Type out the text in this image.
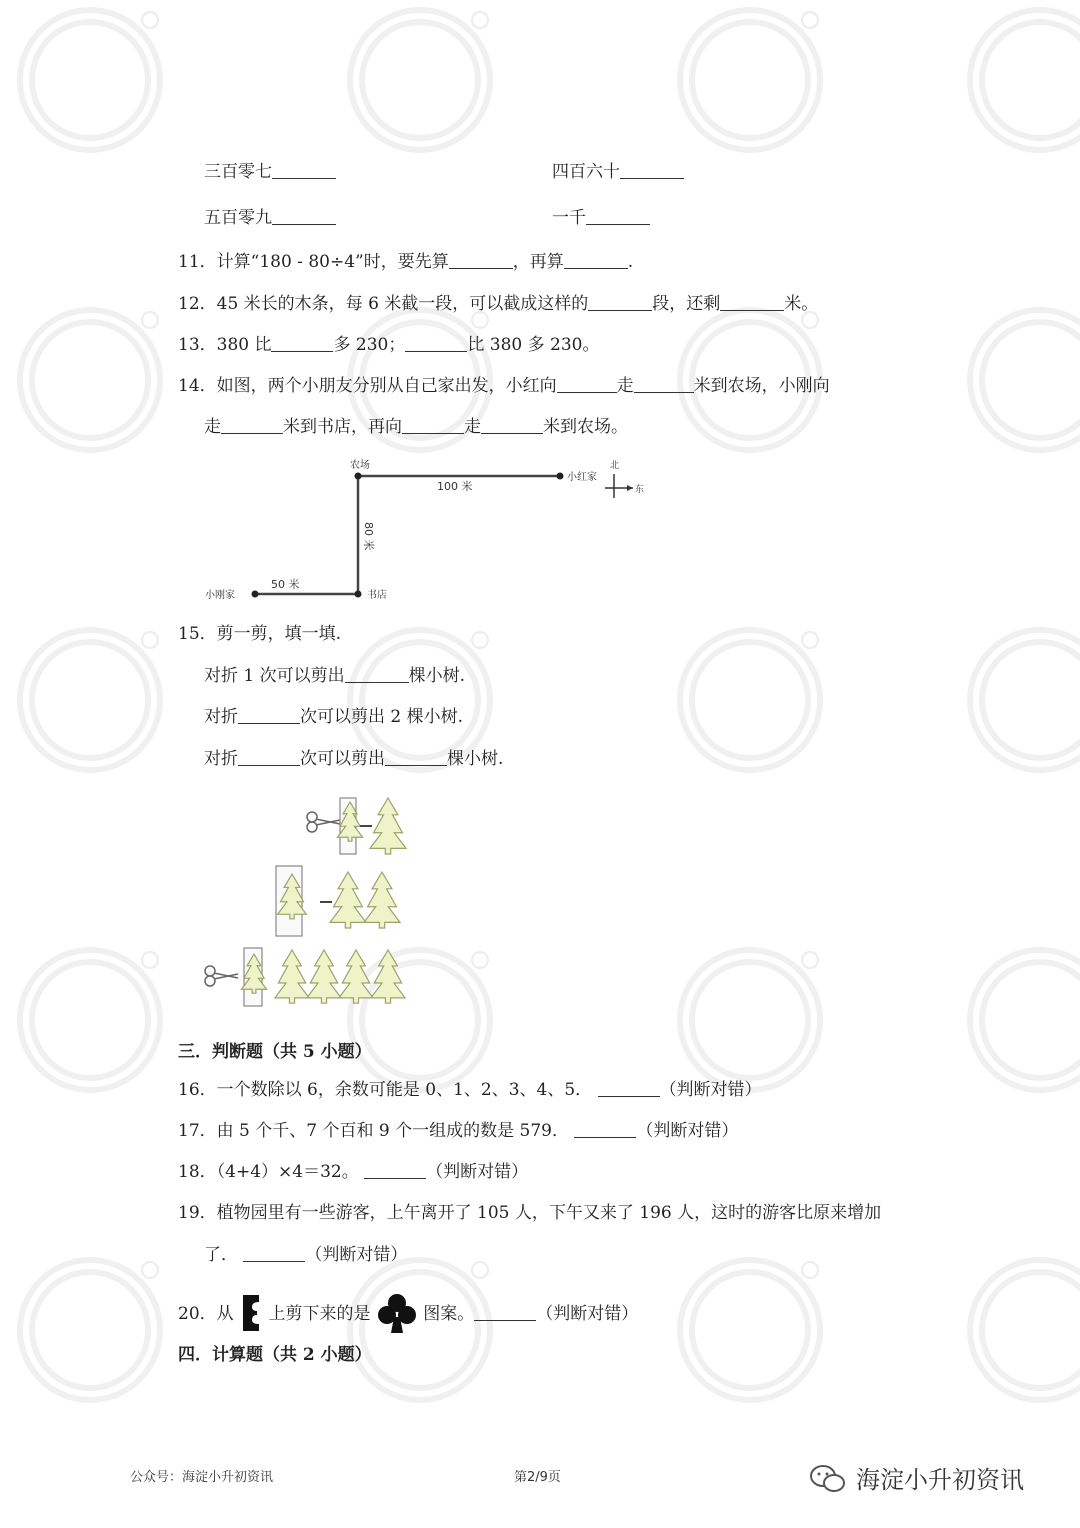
三百零七	四百六十
五百零九	一千
11．计算“180 - 80÷4”时，要先算	，再算	.
12．45 米长的木条，每 6 米截一段，可以截成这样的	段，还剩	米。
13．380 比	多 230；	比 380 多 230。
14．如图，两个小朋友分别从自己家出发，小红向	走	米到农场，小刚向
走	米到书店，再向	走	米到农场。
农场
小红家
小刚家	书店
100 米
80 米
50 米
北
东
15．剪一剪，填一填.
对折 1 次可以剪出	棵小树.
对折	次可以剪出 2 棵小树.
对折	次可以剪出	棵小树.
三．判断题（共 5 小题）
16．一个数除以 6，余数可能是 0、1、2、3、4、5．	（判断对错）
17．由 5 个千、7 个百和 9 个一组成的数是 579．	（判断对错）
18．（4+4）×4＝32。	（判断对错）
19．植物园里有一些游客，上午离开了 105 人，下午又来了 196 人，这时的游客比原来增加
了．	（判断对错）
20．从 上剪下来的是	图案。	（判断对错）
四．计算题（共 2 小题）
公众号：海淀小升初资讯	第2/9页	海淀小升初资讯
